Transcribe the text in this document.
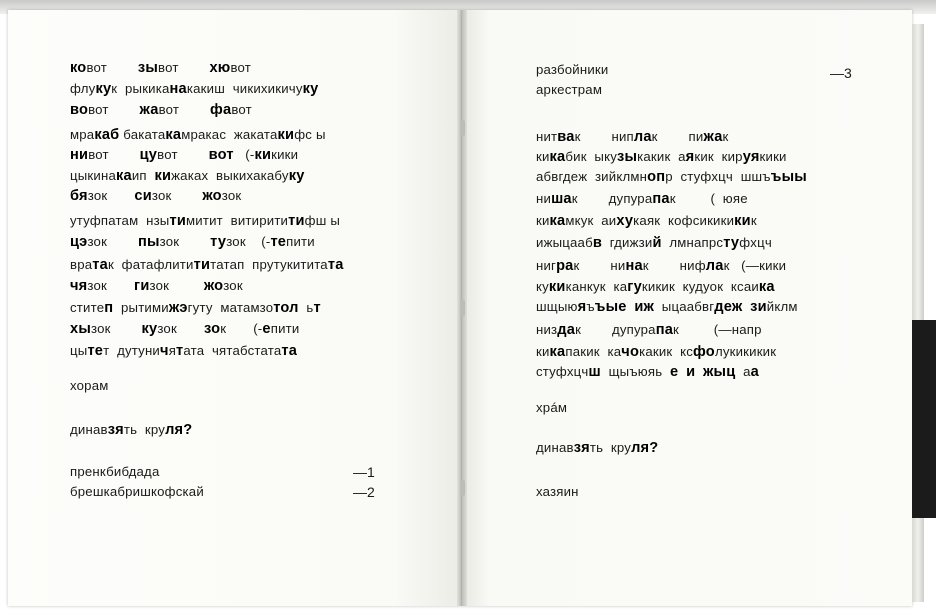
ковот        зывот        хювот
флукук  рыкиканакакиш  чикихикичуку
вовот        жавот        фавот
мракаб бакатакамракас  жакатакифс ы
нивот        цувот        вот   (-кикики
цыкинакаип  кижаках  выкихакабуку
бязок       сизок        жозок
утуфпатам  нзытимитит  витирититифш ы
цэзок        пызок        тузок    (-тепити
вратак  фатафлитититатап  прутукититата
чязок       гизок         жозок
ститеп  рытимижэгуту  матамзотол  ьт
хызок        кузок       зок       (-епити
цытет  дутуничятата  чятабстатата
хорам
динавзять  круля?
пренкбибдада
брешкабришкофскай
—1
—2
разбойники
аркестрам
нитвак        ниплак        пижак
кикабик  ыкузыкакик  аякик  кируякики
абвгдеж  зийклмнопр  стуфхцч  шшъъыы
нишак        дупурапак         (  юяе
кикамкук  аихукаяк  кофсикикикик
ижыцаабв  гдижзий  лмнапрстуфхцч
ниграк        нинак        нифлак   (—кики
кукиканкук  кагукикик  кудуок  ксаика
шщыюяъъые иж  ыцаабвгдеж зийклм
низдак        дупурапак         (—напр
кикапакик  качокакик  ксфолукикикик
стуфхцчш  щыъюяь  е и жыц  аа
хрáм
динавзять  круля?
хазяин
—3
